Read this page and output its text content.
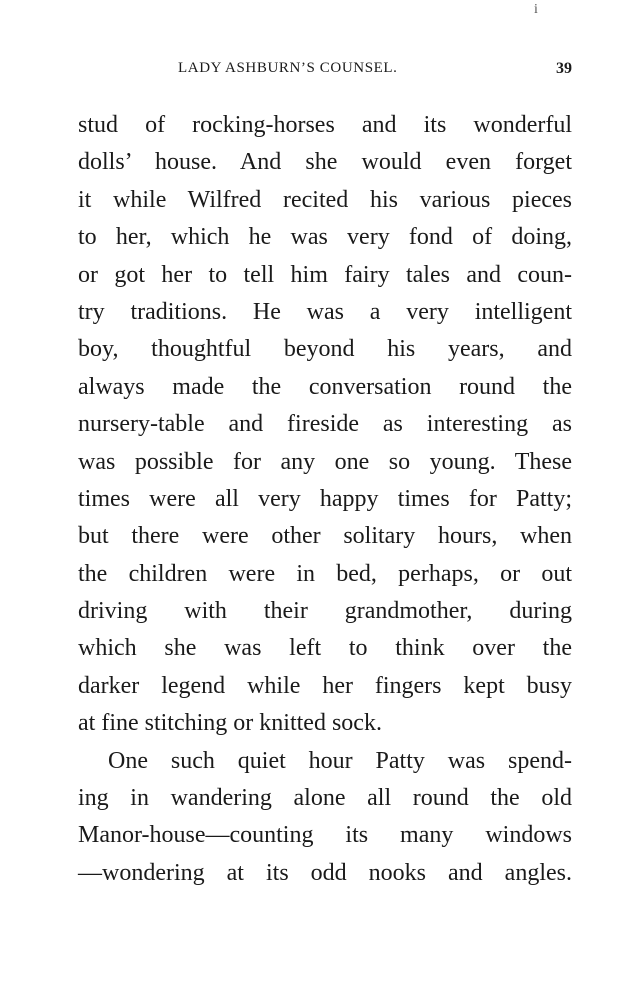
i
LADY ASHBURN’S COUNSEL.	39
stud of rocking-horses and its wonderful
dolls’ house. And she would even forget
it while Wilfred recited his various pieces
to her, which he was very fond of doing,
or got her to tell him fairy tales and coun-
try traditions. He was a very intelligent
boy, thoughtful beyond his years, and
always made the conversation round the
nursery-table and fireside as interesting as
was possible for any one so young. These
times were all very happy times for Patty;
but there were other solitary hours, when
the children were in bed, perhaps, or out
driving with their grandmother, during
which she was left to think over the
darker legend while her fingers kept busy
at fine stitching or knitted sock.
One such quiet hour Patty was spend-
ing in wandering alone all round the old
Manor-house—counting its many windows
—wondering at its odd nooks and angles.
